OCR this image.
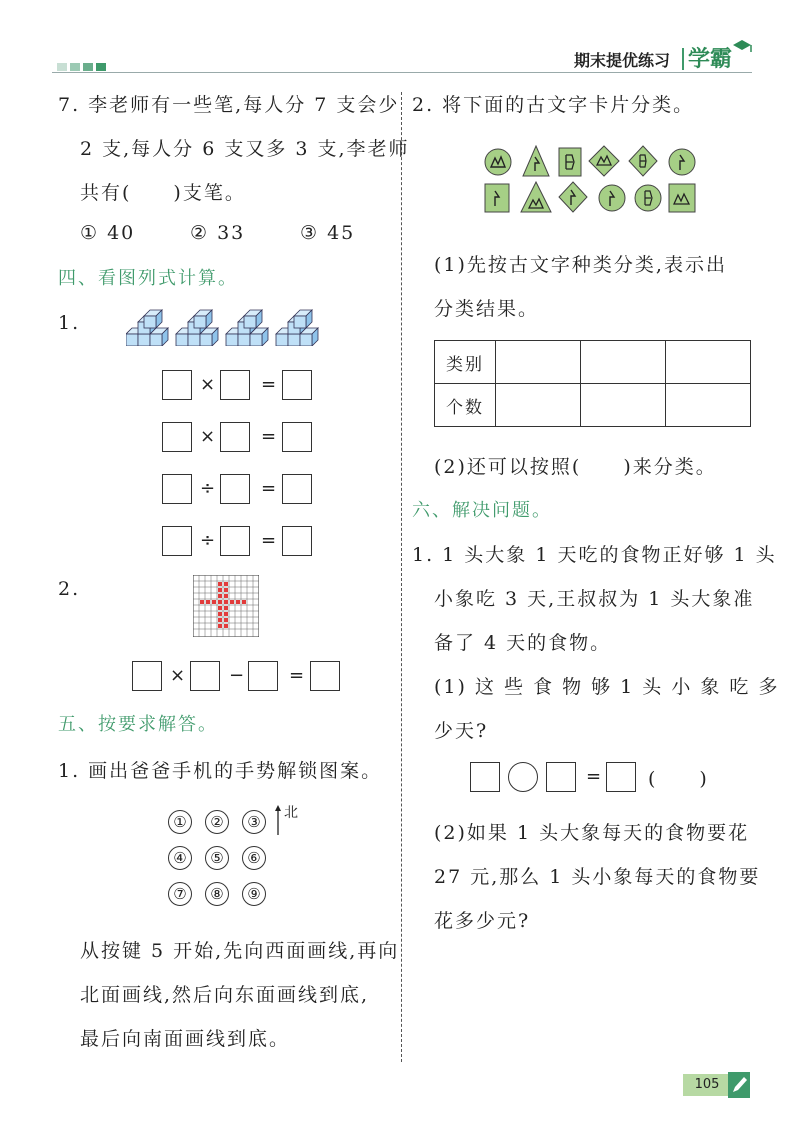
期末提优练习 学霸
7. 李老师有一些笔,每人分 7 支会少
2 支,每人分 6 支又多 3 支,李老师
共有(　　)支笔。
① 40	② 33	③ 45
四、看图列式计算。
1.
×	=
×	=
÷	=
÷	=
2.
× − =
五、按要求解答。
1. 画出爸爸手机的手势解锁图案。
①	②	③
④	⑤	⑥
⑦	⑧	⑨
北
从按键 5 开始,先向西面画线,再向
北面画线,然后向东面画线到底,
最后向南面画线到底。
2. 将下面的古文字卡片分类。
(1)先按古文字种类分类,表示出
分类结果。
类别			
个数			
(2)还可以按照(　　)来分类。
六、解决问题。
1. 1 头大象 1 天吃的食物正好够 1 头
小象吃 3 天,王叔叔为 1 头大象准
备了 4 天的食物。
(1) 这 些 食 物 够 1 头 小 象 吃 多
少天?
= (　　)
(2)如果 1 头大象每天的食物要花
27 元,那么 1 头小象每天的食物要
花多少元?
105
